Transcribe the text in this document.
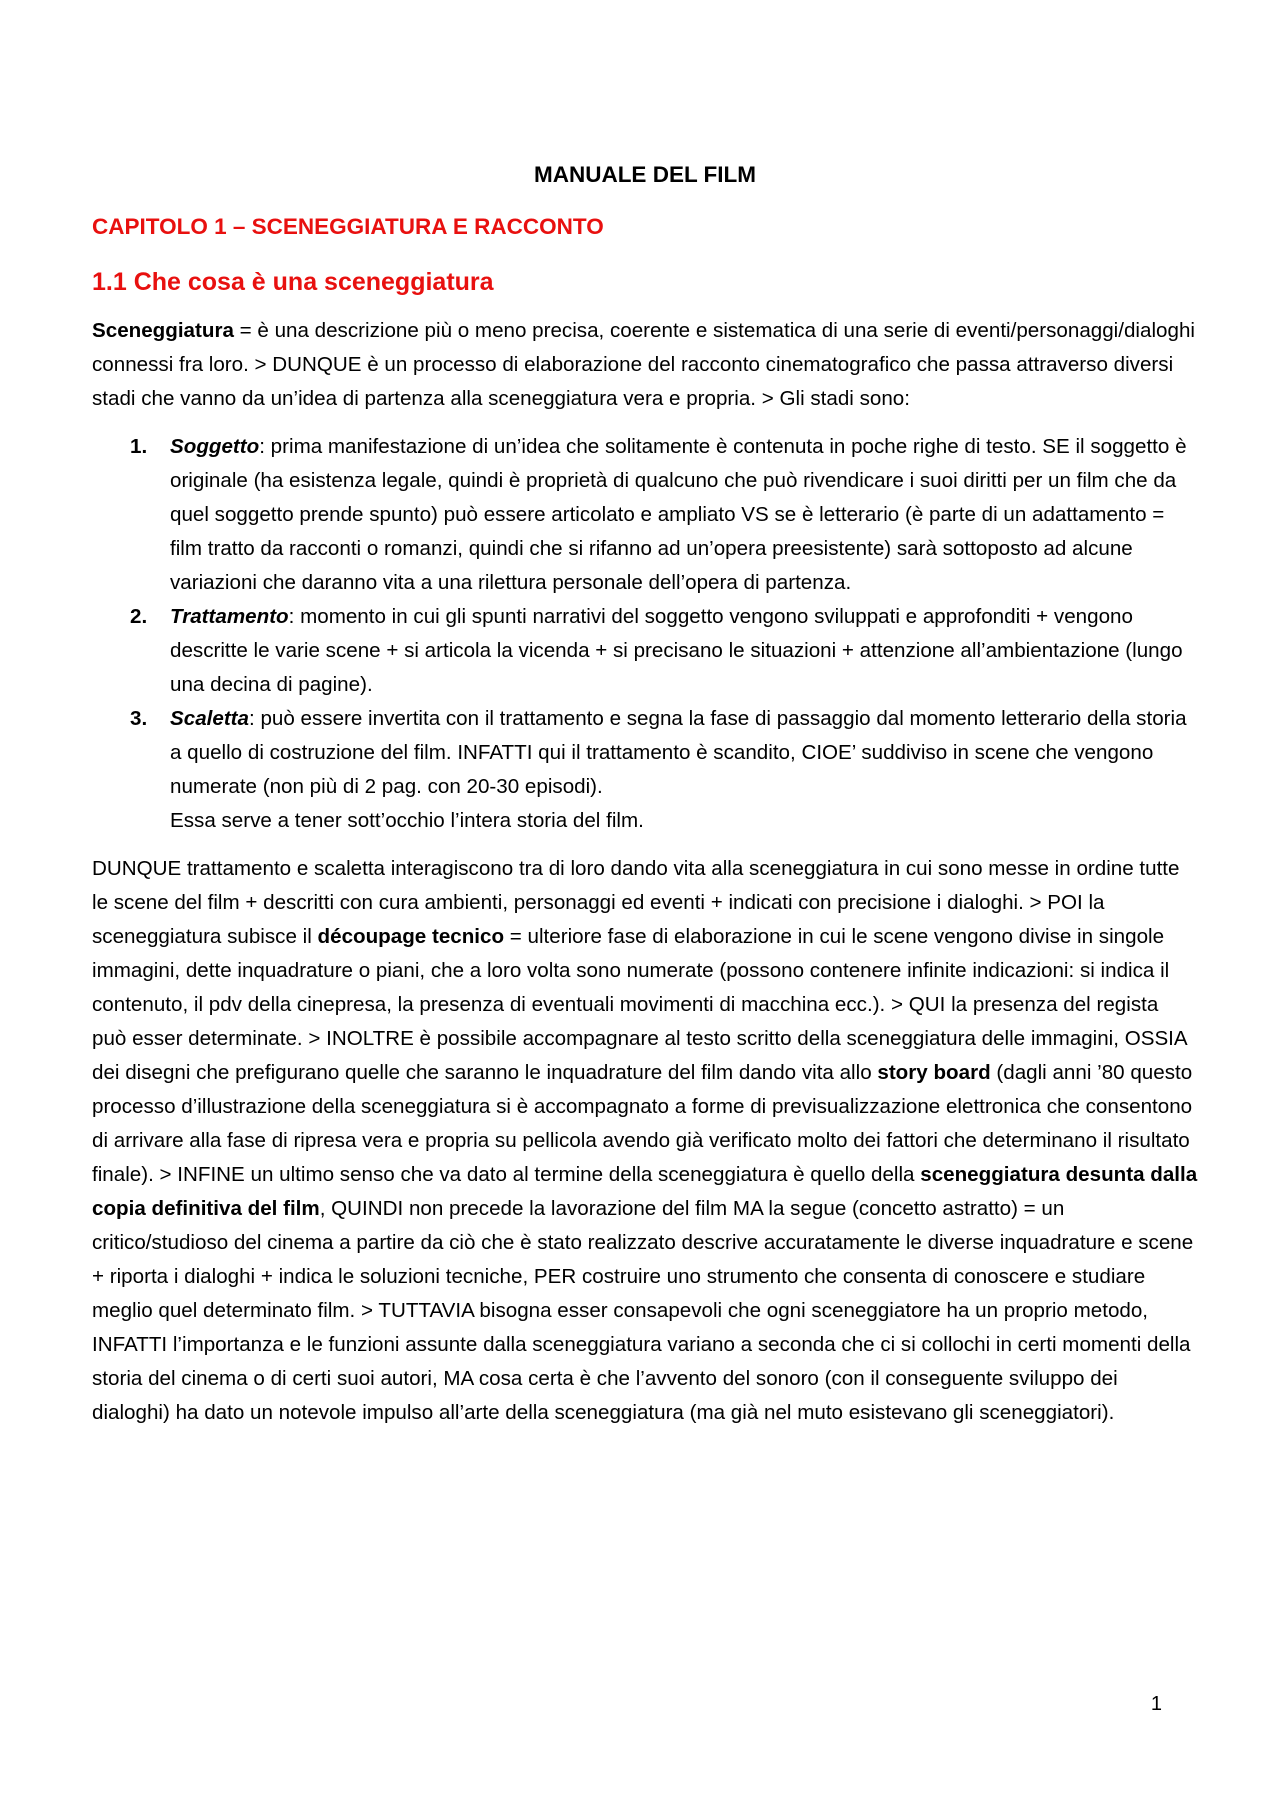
MANUALE DEL FILM
CAPITOLO 1 – SCENEGGIATURA E RACCONTO
1.1 Che cosa è una sceneggiatura

Sceneggiatura = è una descrizione più o meno precisa, coerente e sistematica di una serie di eventi/personaggi/dialoghi connessi fra loro. > DUNQUE è un processo di elaborazione del racconto cinematografico che passa attraverso diversi stadi che vanno da un’idea di partenza alla sceneggiatura vera e propria. > Gli stadi sono:

1. Soggetto: prima manifestazione di un’idea che solitamente è contenuta in poche righe di testo. SE il soggetto è originale (ha esistenza legale, quindi è proprietà di qualcuno che può rivendicare i suoi diritti per un film che da quel soggetto prende spunto) può essere articolato e ampliato VS se è letterario (è parte di un adattamento = film tratto da racconti o romanzi, quindi che si rifanno ad un’opera preesistente) sarà sottoposto ad alcune variazioni che daranno vita a una rilettura personale dell’opera di partenza.
2. Trattamento: momento in cui gli spunti narrativi del soggetto vengono sviluppati e approfonditi + vengono descritte le varie scene + si articola la vicenda + si precisano le situazioni + attenzione all’ambientazione (lungo una decina di pagine).
3. Scaletta: può essere invertita con il trattamento e segna la fase di passaggio dal momento letterario della storia a quello di costruzione del film. INFATTI qui il trattamento è scandito, CIOE’ suddiviso in scene che vengono numerate (non più di 2 pag. con 20-30 episodi).
Essa serve a tener sott’occhio l’intera storia del film.

DUNQUE trattamento e scaletta interagiscono tra di loro dando vita alla sceneggiatura in cui sono messe in ordine tutte le scene del film + descritti con cura ambienti, personaggi ed eventi + indicati con precisione i dialoghi. > POI la sceneggiatura subisce il découpage tecnico = ulteriore fase di elaborazione in cui le scene vengono divise in singole immagini, dette inquadrature o piani, che a loro volta sono numerate (possono contenere infinite indicazioni: si indica il contenuto, il pdv della cinepresa, la presenza di eventuali movimenti di macchina ecc.). > QUI la presenza del regista può esser determinate. > INOLTRE è possibile accompagnare al testo scritto della sceneggiatura delle immagini, OSSIA dei disegni che prefigurano quelle che saranno le inquadrature del film dando vita allo story board (dagli anni ’80 questo processo d’illustrazione della sceneggiatura si è accompagnato a forme di previsualizzazione elettronica che consentono di arrivare alla fase di ripresa vera e propria su pellicola avendo già verificato molto dei fattori che determinano il risultato finale). > INFINE un ultimo senso che va dato al termine della sceneggiatura è quello della sceneggiatura desunta dalla copia definitiva del film, QUINDI non precede la lavorazione del film MA la segue (concetto astratto) = un critico/studioso del cinema a partire da ciò che è stato realizzato descrive accuratamente le diverse inquadrature e scene + riporta i dialoghi + indica le soluzioni tecniche, PER costruire uno strumento che consenta di conoscere e studiare meglio quel determinato film. > TUTTAVIA bisogna esser consapevoli che ogni sceneggiatore ha un proprio metodo, INFATTI l’importanza e le funzioni assunte dalla sceneggiatura variano a seconda che ci si collochi in certi momenti della storia del cinema o di certi suoi autori, MA cosa certa è che l’avvento del sonoro (con il conseguente sviluppo dei dialoghi) ha dato un notevole impulso all’arte della sceneggiatura (ma già nel muto esistevano gli sceneggiatori).

1
